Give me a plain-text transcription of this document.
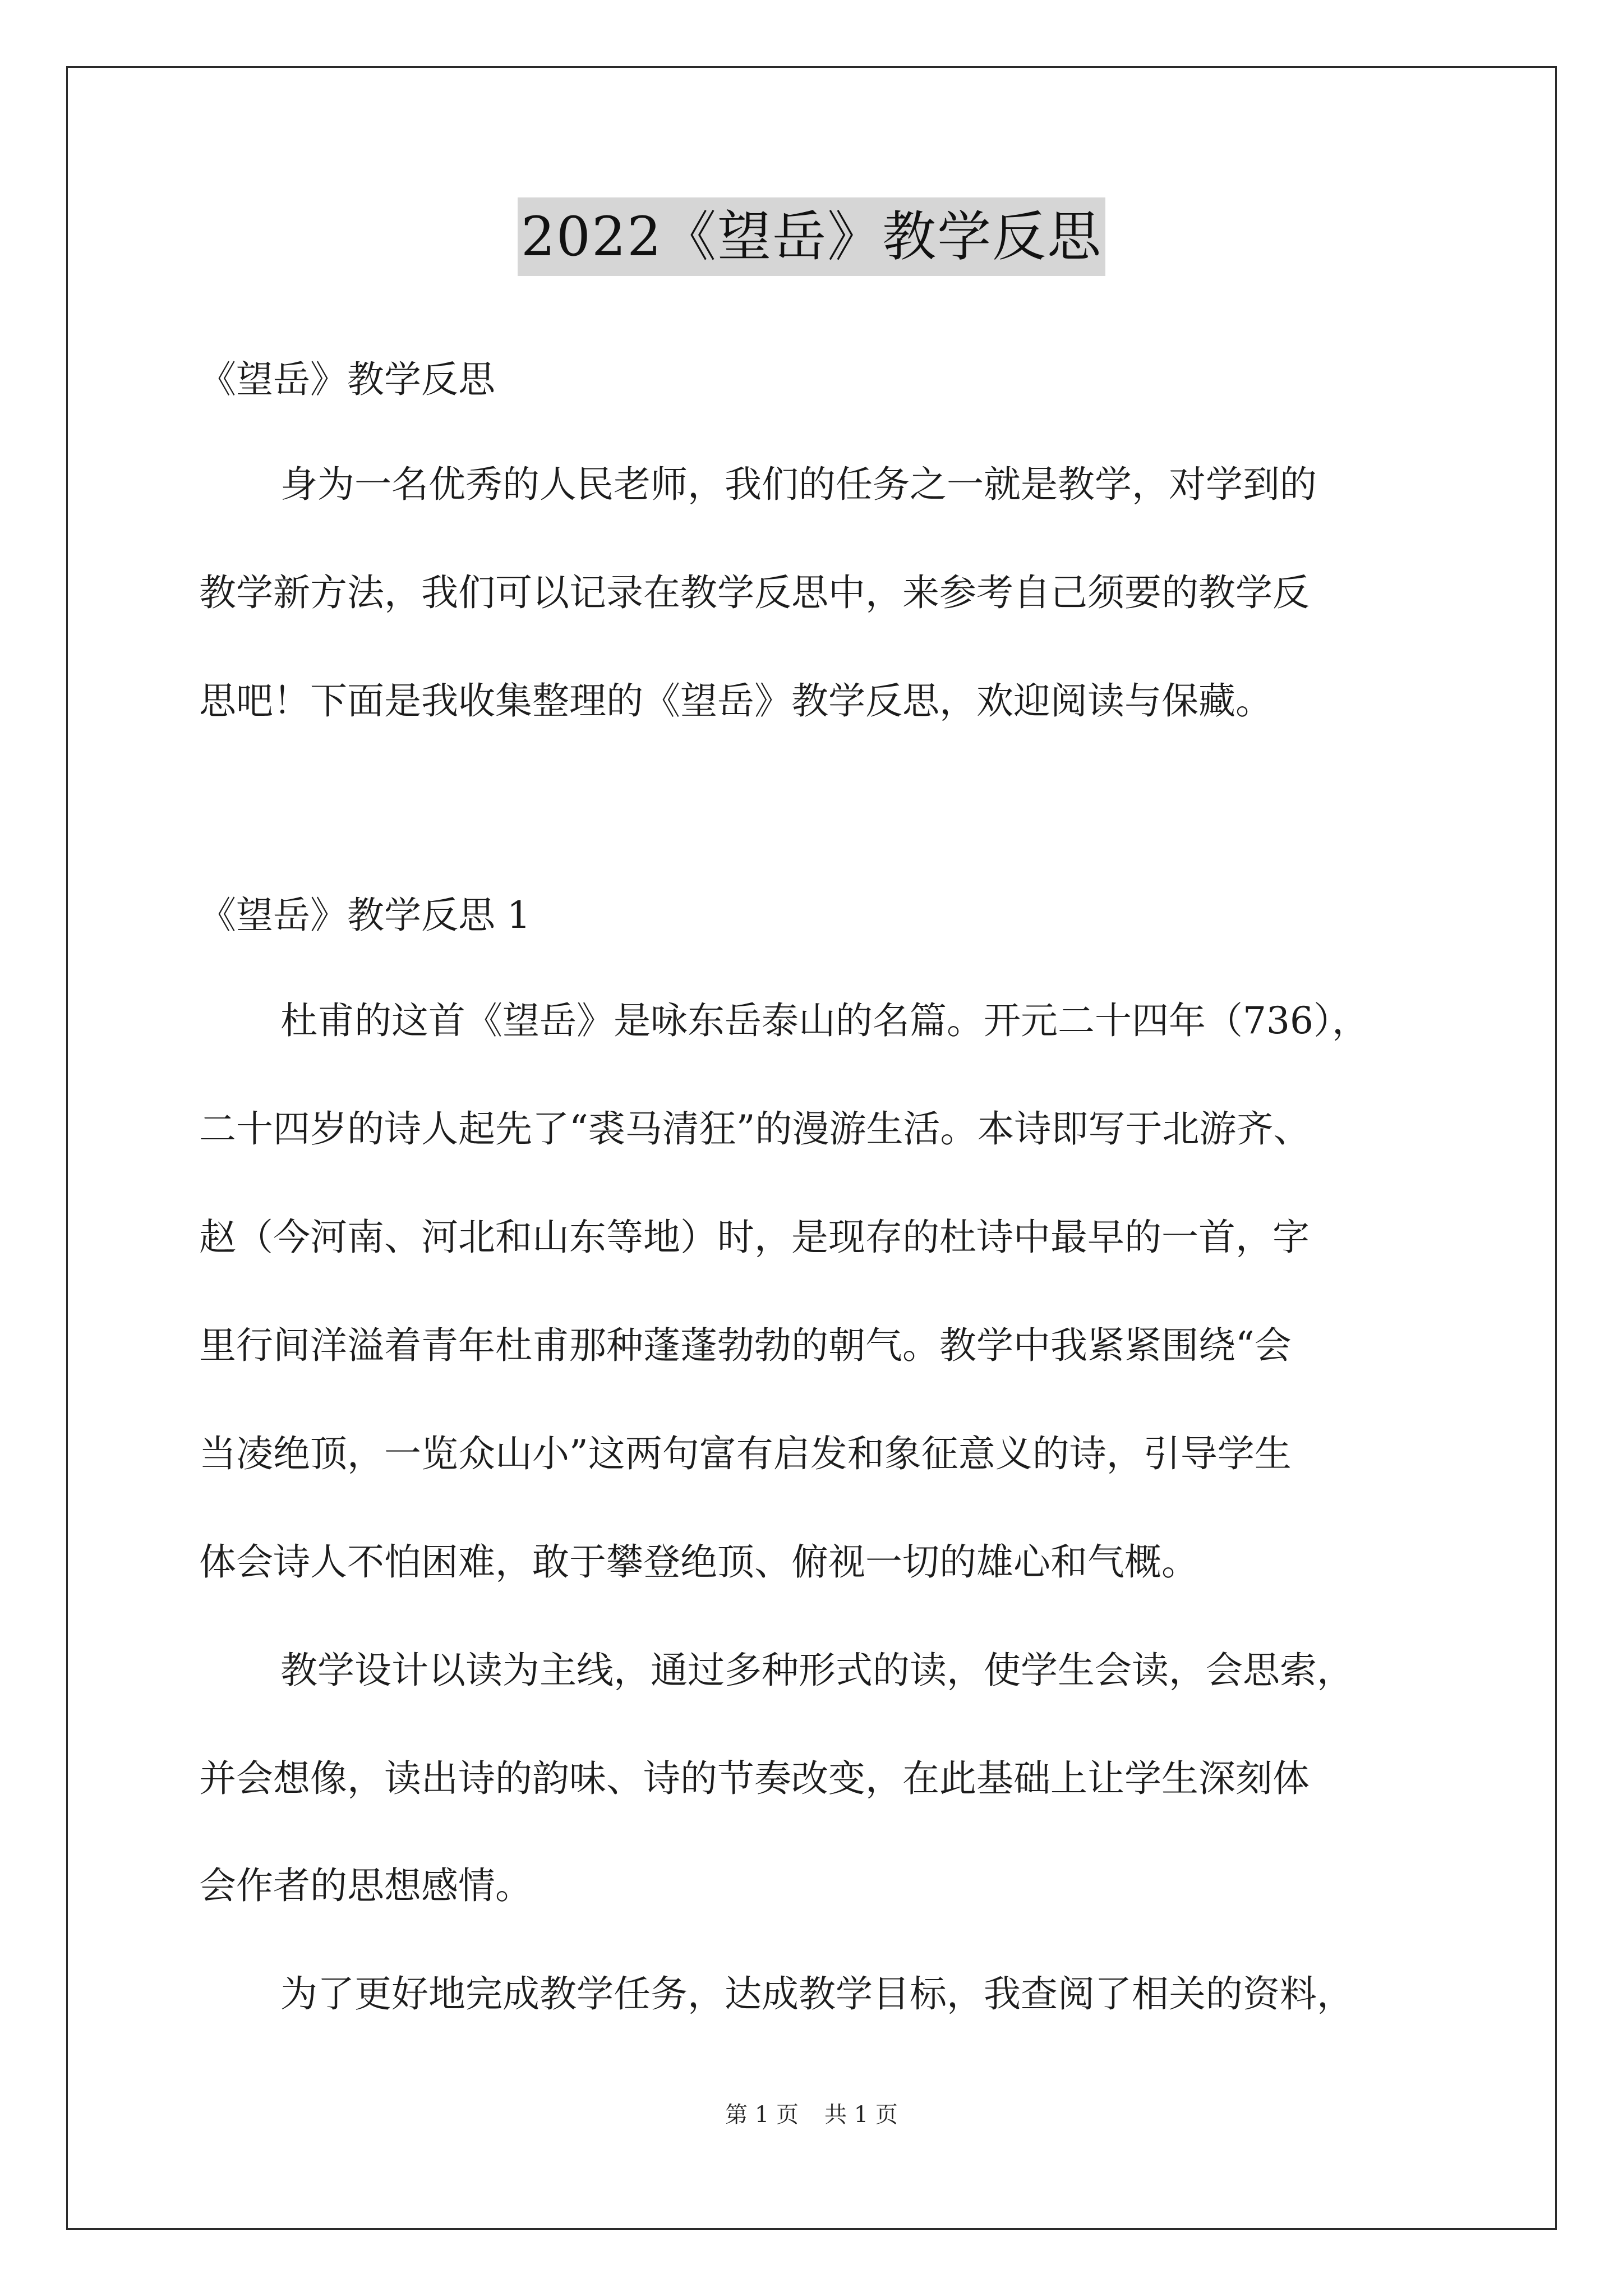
2022《望岳》教学反思
《望岳》教学反思
身为一名优秀的人民老师，我们的任务之一就是教学，对学到的
教学新方法，我们可以记录在教学反思中，来参考自己须要的教学反
思吧！下面是我收集整理的《望岳》教学反思，欢迎阅读与保藏。
《望岳》教学反思 1
杜甫的这首《望岳》是咏东岳泰山的名篇。开元二十四年（736），
二十四岁的诗人起先了“裘马清狂”的漫游生活。本诗即写于北游齐、
赵（今河南、河北和山东等地）时，是现存的杜诗中最早的一首，字
里行间洋溢着青年杜甫那种蓬蓬勃勃的朝气。教学中我紧紧围绕“会
当凌绝顶，一览众山小”这两句富有启发和象征意义的诗，引导学生
体会诗人不怕困难，敢于攀登绝顶、俯视一切的雄心和气概。
教学设计以读为主线，通过多种形式的读，使学生会读，会思索，
并会想像，读出诗的韵味、诗的节奏改变，在此基础上让学生深刻体
会作者的思想感情。
为了更好地完成教学任务，达成教学目标，我查阅了相关的资料，
第 1 页 共 1 页
